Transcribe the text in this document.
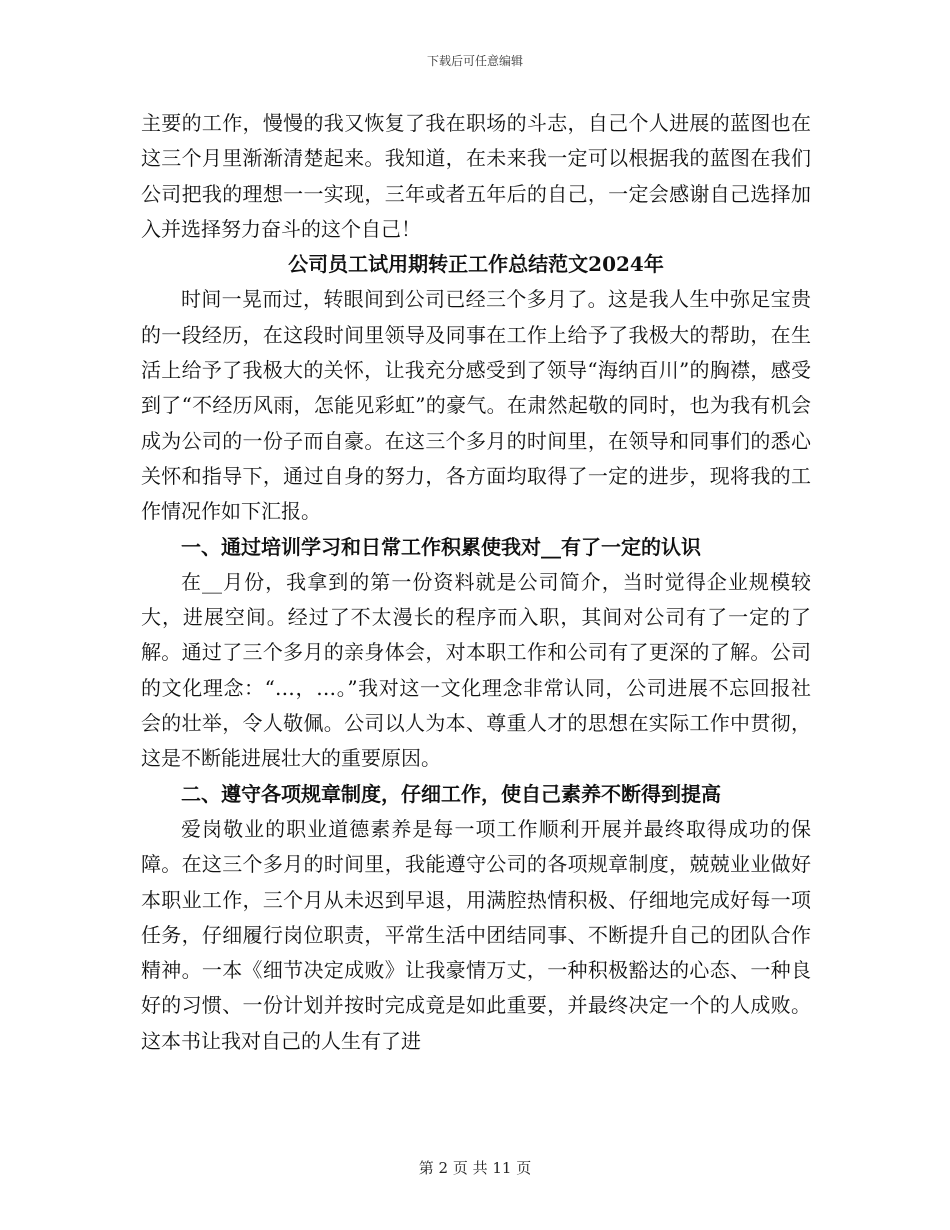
下载后可任意编辑

主要的工作，慢慢的我又恢复了我在职场的斗志，自己个人进展的蓝图也在这三个月里渐渐清楚起来。我知道，在未来我一定可以根据我的蓝图在我们公司把我的理想一一实现，三年或者五年后的自己，一定会感谢自己选择加入并选择努力奋斗的这个自己！

公司员工试用期转正工作总结范文2024年

时间一晃而过，转眼间到公司已经三个多月了。这是我人生中弥足宝贵的一段经历，在这段时间里领导及同事在工作上给予了我极大的帮助，在生活上给予了我极大的关怀，让我充分感受到了领导“海纳百川”的胸襟，感受到了“不经历风雨，怎能见彩虹”的豪气。在肃然起敬的同时，也为我有机会成为公司的一份子而自豪。在这三个多月的时间里，在领导和同事们的悉心关怀和指导下，通过自身的努力，各方面均取得了一定的进步，现将我的工作情况作如下汇报。

一、通过培训学习和日常工作积累使我对__有了一定的认识

在__月份，我拿到的第一份资料就是公司简介，当时觉得企业规模较大，进展空间。经过了不太漫长的程序而入职，其间对公司有了一定的了解。通过了三个多月的亲身体会，对本职工作和公司有了更深的了解。公司的文化理念：“…，…。”我对这一文化理念非常认同，公司进展不忘回报社会的壮举，令人敬佩。公司以人为本、尊重人才的思想在实际工作中贯彻，这是不断能进展壮大的重要原因。

二、遵守各项规章制度，仔细工作，使自己素养不断得到提高

爱岗敬业的职业道德素养是每一项工作顺利开展并最终取得成功的保障。在这三个多月的时间里，我能遵守公司的各项规章制度，兢兢业业做好本职业工作，三个月从未迟到早退，用满腔热情积极、仔细地完成好每一项任务，仔细履行岗位职责，平常生活中团结同事、不断提升自己的团队合作精神。一本《细节决定成败》让我豪情万丈，一种积极豁达的心态、一种良好的习惯、一份计划并按时完成竟是如此重要，并最终决定一个的人成败。这本书让我对自己的人生有了进

第 2 页 共 11 页
